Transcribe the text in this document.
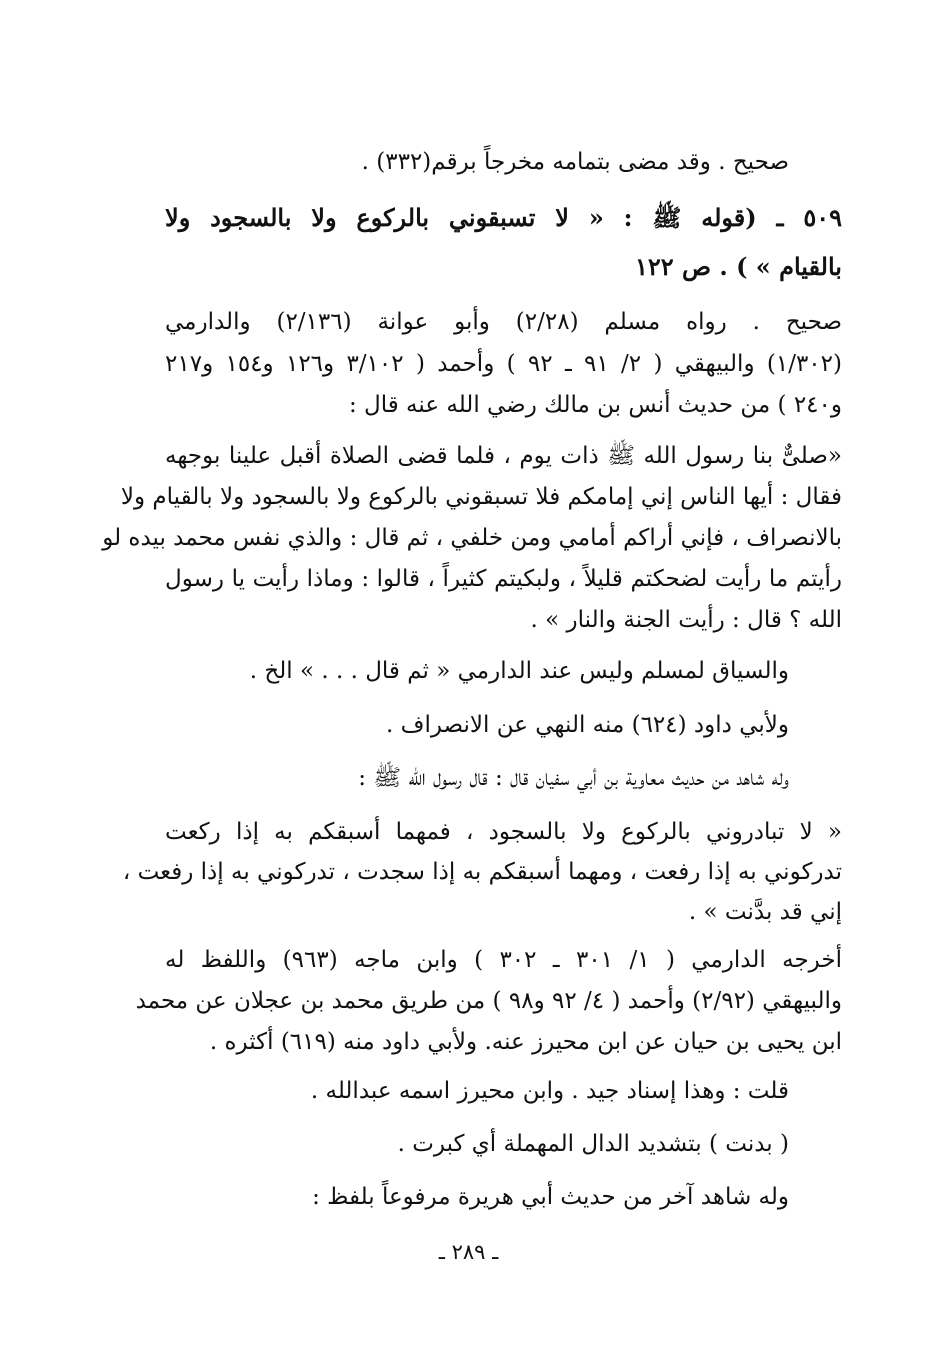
صحيح . وقد مضى بتمامه مخرجاً برقم(٣٣٢) .
٥٠٩ ـ (قوله ﷺ : « لا تسبقوني بالركوع ولا بالسجود ولا
بالقيام » ) . ص ١٢٢
صحيح . رواه مسلم (٢/٢٨) وأبو عوانة (٢/١٣٦) والدارمي
(١/٣٠٢) والبيهقي ( ٢/ ٩١ ـ ٩٢ ) وأحمد ( ٣/١٠٢ و١٢٦ و١٥٤ و٢١٧
و٢٤٠ ) من حديث أنس بن مالك رضي الله عنه قال :
«صلىٌّ بنا رسول الله ﷺ ذات يوم ، فلما قضى الصلاة أقبل علينا بوجهه
فقال : أيها الناس إني إمامكم فلا تسبقوني بالركوع ولا بالسجود ولا بالقيام ولا
بالانصراف ، فإني أراكم أمامي ومن خلفي ، ثم قال : والذي نفس محمد بيده لو
رأيتم ما رأيت لضحكتم قليلاً ، ولبكيتم كثيراً ، قالوا : وماذا رأيت يا رسول
الله ؟ قال : رأيت الجنة والنار » .
والسياق لمسلم وليس عند الدارمي « ثم قال . . . » الخ .
ولأبي داود (٦٢٤) منه النهي عن الانصراف .
وله شاهد من حديث معاوية بن أبي سفيان قال : قال رسول الله ﷺ :
« لا تبادروني بالركوع ولا بالسجود ، فمهما أسبقكم به إذا ركعت
تدركوني به إذا رفعت ، ومهما أسبقكم به إذا سجدت ، تدركوني به إذا رفعت ،
إني قد بدَّنت » .
أخرجه الدارمي ( ١/ ٣٠١ ـ ٣٠٢ ) وابن ماجه (٩٦٣) واللفظ له
والبيهقي (٢/٩٢) وأحمد ( ٤/ ٩٢ و٩٨ ) من طريق محمد بن عجلان عن محمد
ابن يحيى بن حيان عن ابن محيرز عنه. ولأبي داود منه (٦١٩) أكثره .
قلت : وهذا إسناد جيد . وابن محيرز اسمه عبدالله .
( بدنت ) بتشديد الدال المهملة أي كبرت .
وله شاهد آخر من حديث أبي هريرة مرفوعاً بلفظ :
ـ ٢٨٩ ـ
